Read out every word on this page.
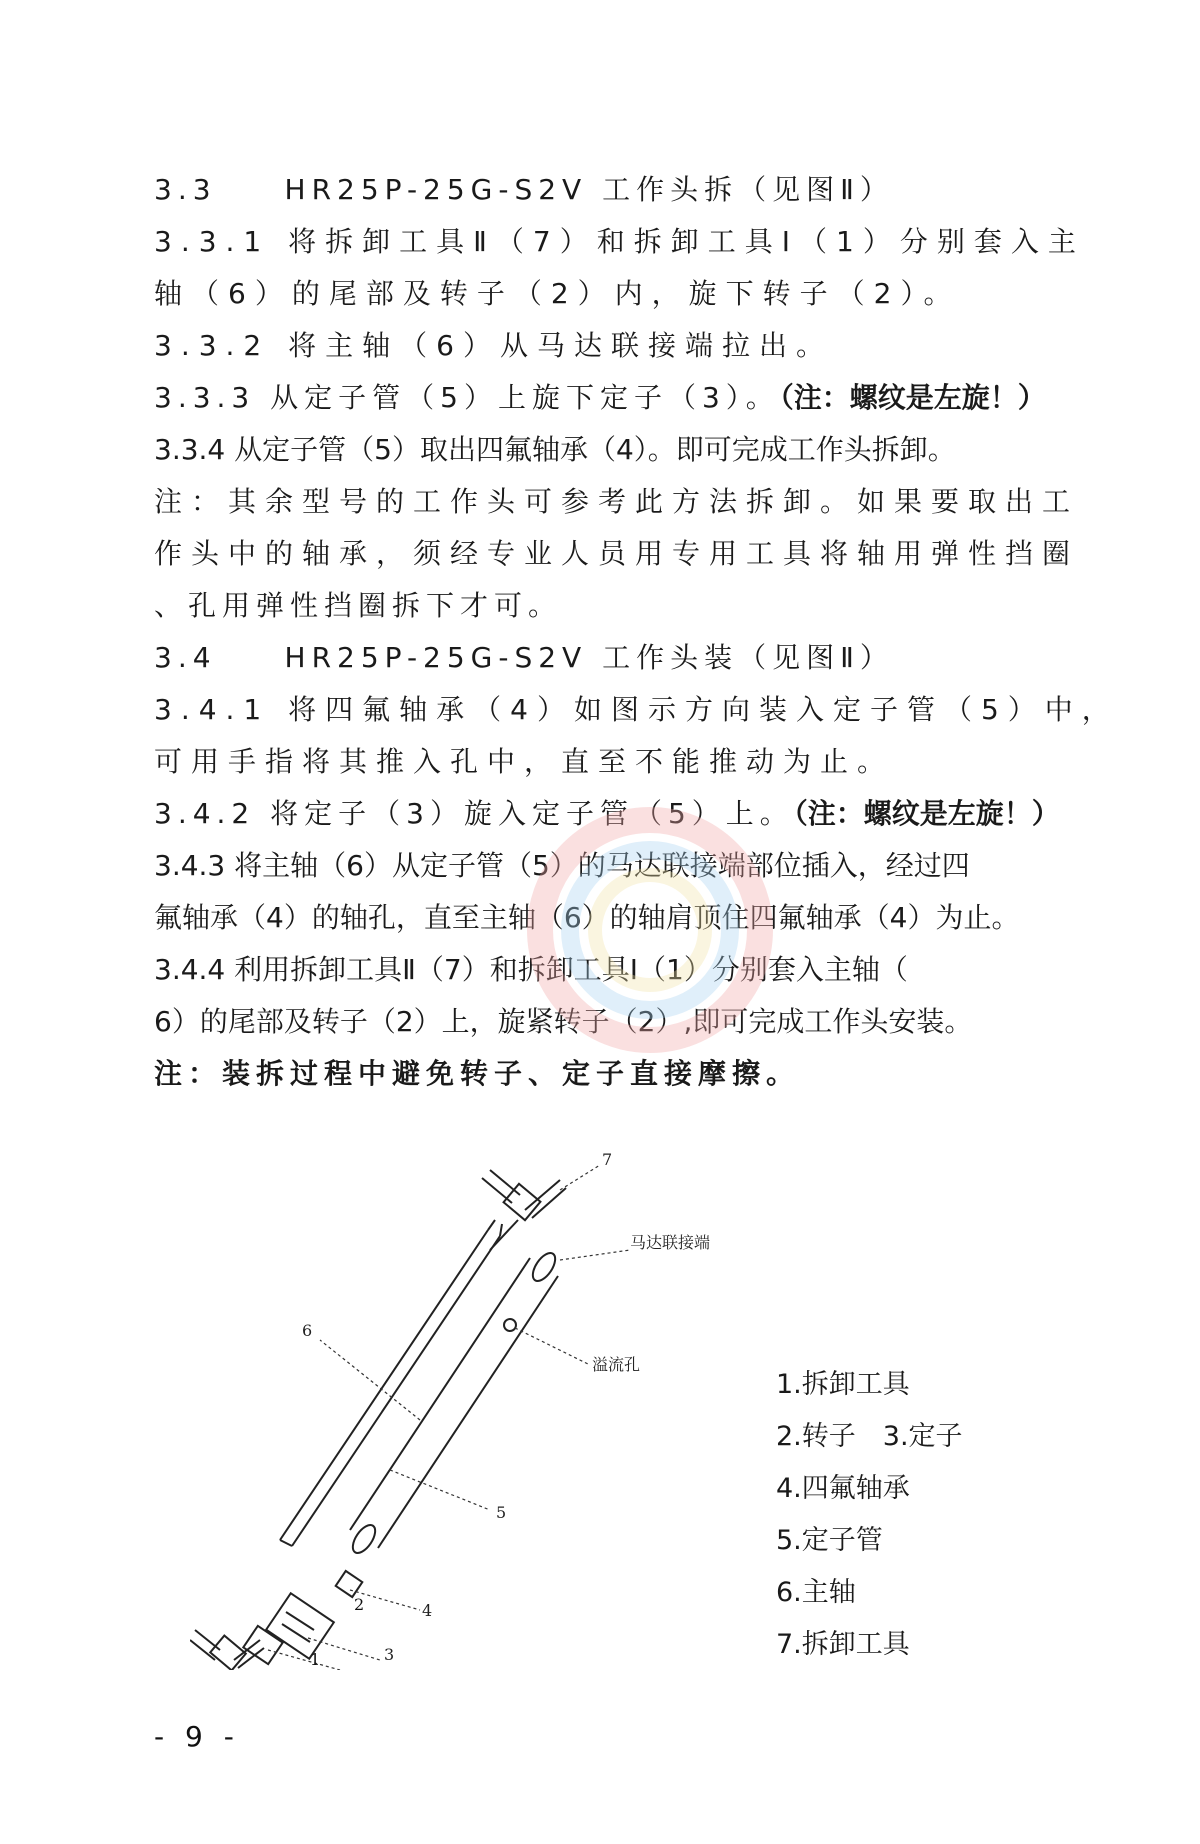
3.3　　HR25P-25G-S2V 工作头拆（见图Ⅱ）
3.3.1 将拆卸工具Ⅱ（7）和拆卸工具Ⅰ（1）分别套入主
轴（6）的尾部及转子（2）内，旋下转子（2）。
3.3.2 将主轴（6）从马达联接端拉出。
3.3.3 从定子管（5）上旋下定子（3）。（注：螺纹是左旋！）
3.3.4 从定子管（5）取出四氟轴承（4）。即可完成工作头拆卸。
注：其余型号的工作头可参考此方法拆卸。如果要取出工
作头中的轴承，须经专业人员用专用工具将轴用弹性挡圈
、孔用弹性挡圈拆下才可。
3.4　　HR25P-25G-S2V 工作头装（见图Ⅱ）
3.4.1 将四氟轴承（4）如图示方向装入定子管（5）中，
可用手指将其推入孔中，直至不能推动为止。
3.4.2 将定子（3）旋入定子管（5）上。（注：螺纹是左旋！）
3.4.3 将主轴（6）从定子管（5）的马达联接端部位插入，经过四
氟轴承（4）的轴孔，直至主轴（6）的轴肩顶住四氟轴承（4）为止。
3.4.4 利用拆卸工具Ⅱ（7）和拆卸工具Ⅰ（1）分别套入主轴（
6）的尾部及转子（2）上，旋紧转子（2）,即可完成工作头安装。
注：装拆过程中避免转子、定子直接摩擦。
马达联接端
溢流孔
7
6
5
4
3
2
1
1.拆卸工具
2.转子　3.定子
4.四氟轴承
5.定子管
6.主轴
7.拆卸工具
- 9 -
